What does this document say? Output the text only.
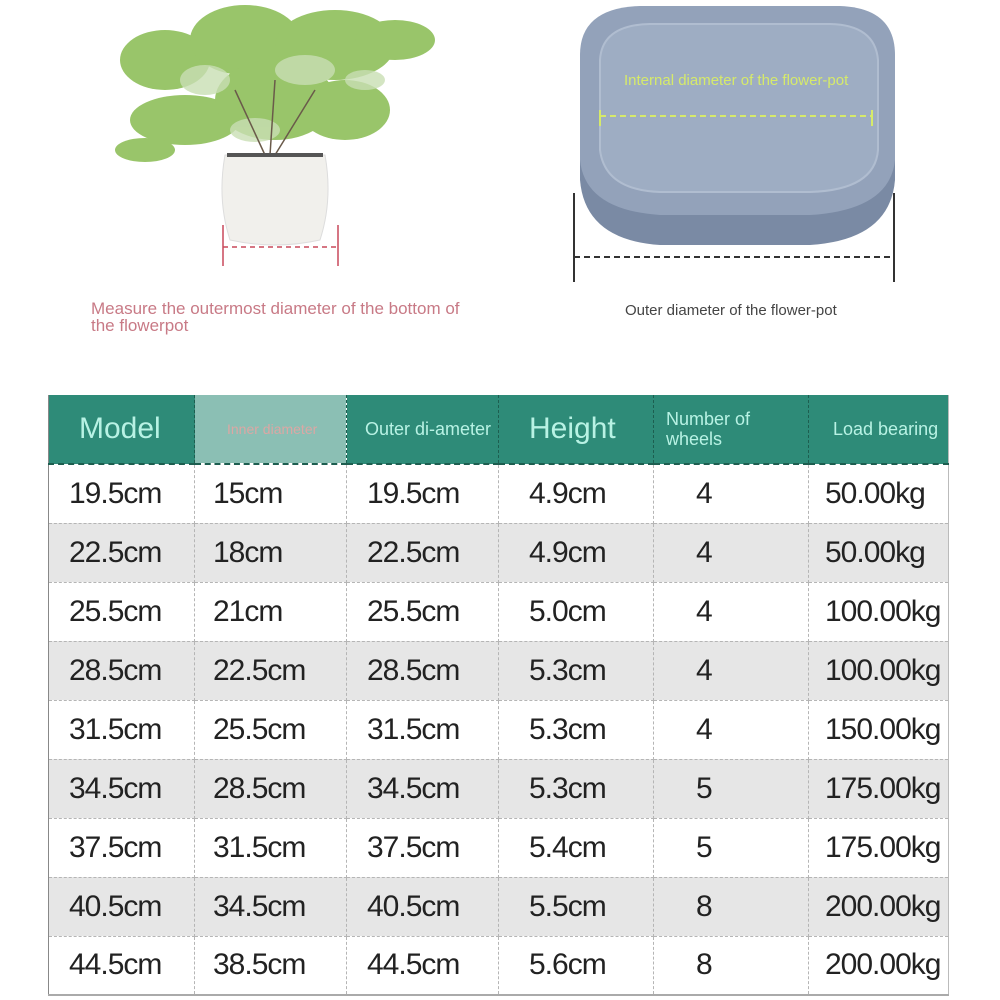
Measure the outermost diameter of the bottom of the flowerpot
Internal diameter of the flower-pot
Outer diameter of the flower-pot
Model	Inner diameter	Outer di-ameter	Height	Number of wheels	Load bearing
19.5cm	15cm	19.5cm	4.9cm	4	50.00kg
22.5cm	18cm	22.5cm	4.9cm	4	50.00kg
25.5cm	21cm	25.5cm	5.0cm	4	100.00kg
28.5cm	22.5cm	28.5cm	5.3cm	4	100.00kg
31.5cm	25.5cm	31.5cm	5.3cm	4	150.00kg
34.5cm	28.5cm	34.5cm	5.3cm	5	175.00kg
37.5cm	31.5cm	37.5cm	5.4cm	5	175.00kg
40.5cm	34.5cm	40.5cm	5.5cm	8	200.00kg
44.5cm	38.5cm	44.5cm	5.6cm	8	200.00kg
